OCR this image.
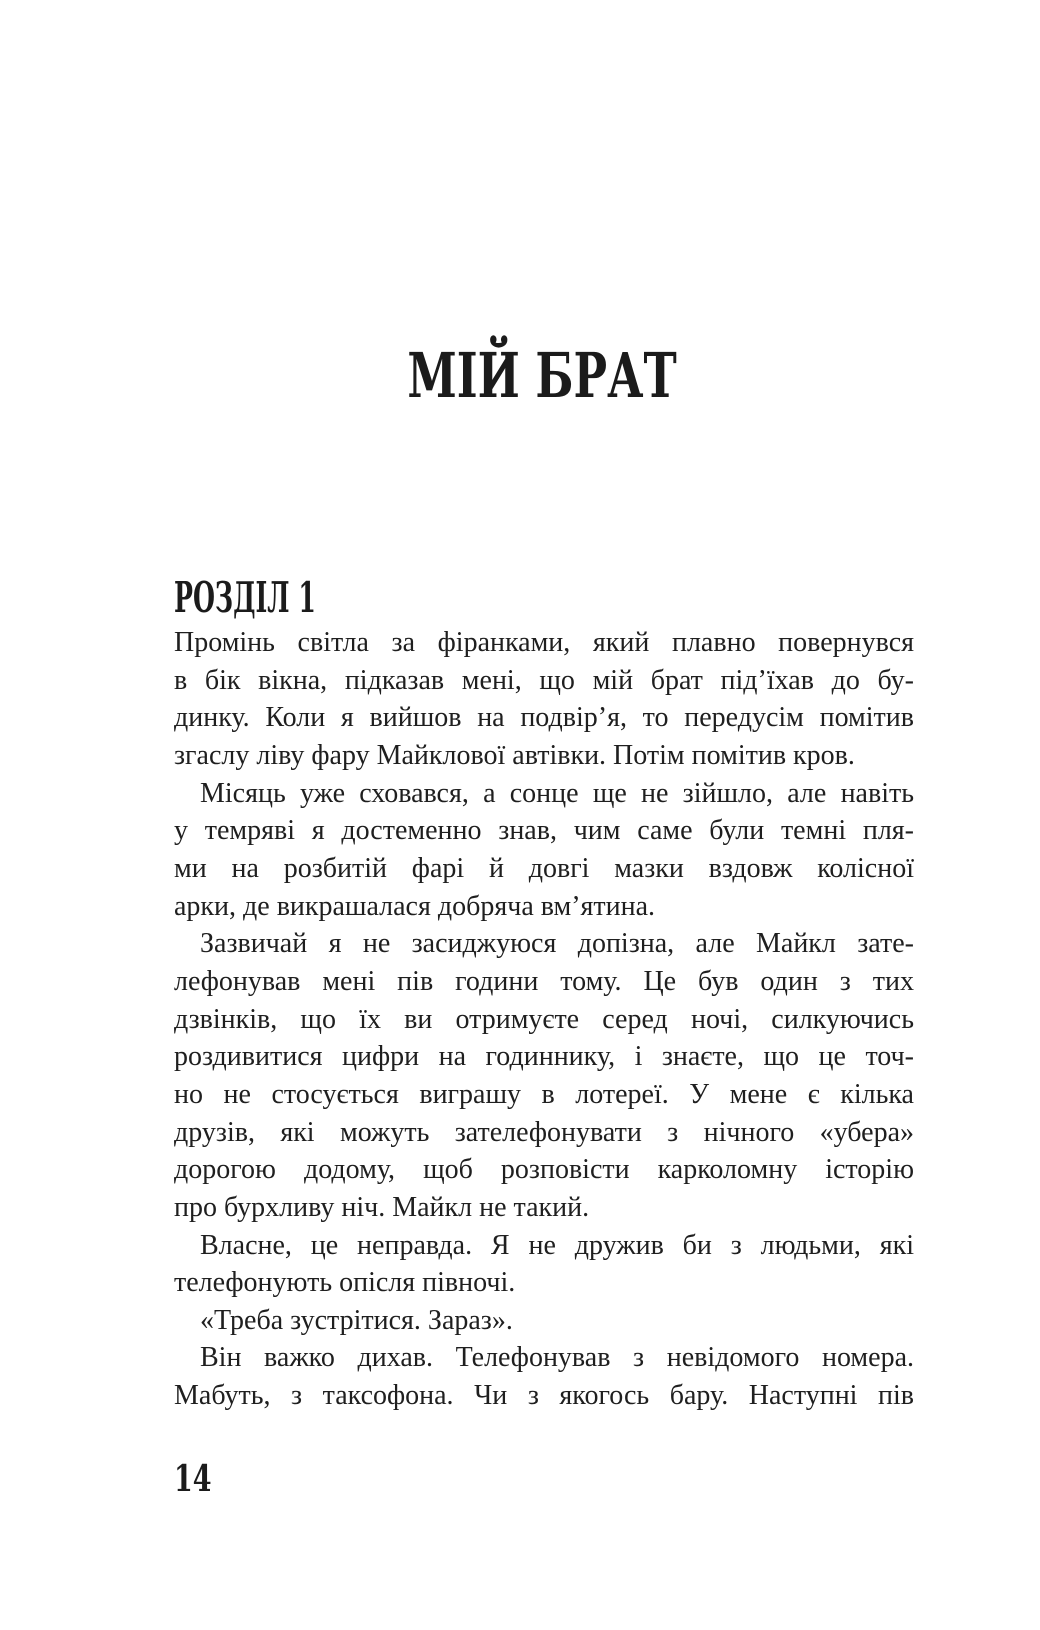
МІЙ БРАТ
РОЗДІЛ 1
Промінь світла за фіранками, який плавно повернувся
в бік вікна, підказав мені, що мій брат під’їхав до бу-
динку. Коли я вийшов на подвір’я, то передусім помітив
згаслу ліву фару Майклової автівки. Потім помітив кров.
Місяць уже сховався, а сонце ще не зійшло, але навіть
у темряві я достеменно знав, чим саме були темні пля-
ми на розбитій фарі й довгі мазки вздовж колісної
арки, де викрашалася добряча вм’ятина.
Зазвичай я не засиджуюся допізна, але Майкл зате-
лефонував мені пів години тому. Це був один з тих
дзвінків, що їх ви отримуєте серед ночі, силкуючись
роздивитися цифри на годиннику, і знаєте, що це точ-
но не стосується виграшу в лотереї. У мене є кілька
друзів, які можуть зателефонувати з нічного «убера»
дорогою додому, щоб розповісти карколомну історію
про бурхливу ніч. Майкл не такий.
Власне, це неправда. Я не дружив би з людьми, які
телефонують опісля півночі.
«Треба зустрітися. Зараз».
Він важко дихав. Телефонував з невідомого номера.
Мабуть, з таксофона. Чи з якогось бару. Наступні пів
14
